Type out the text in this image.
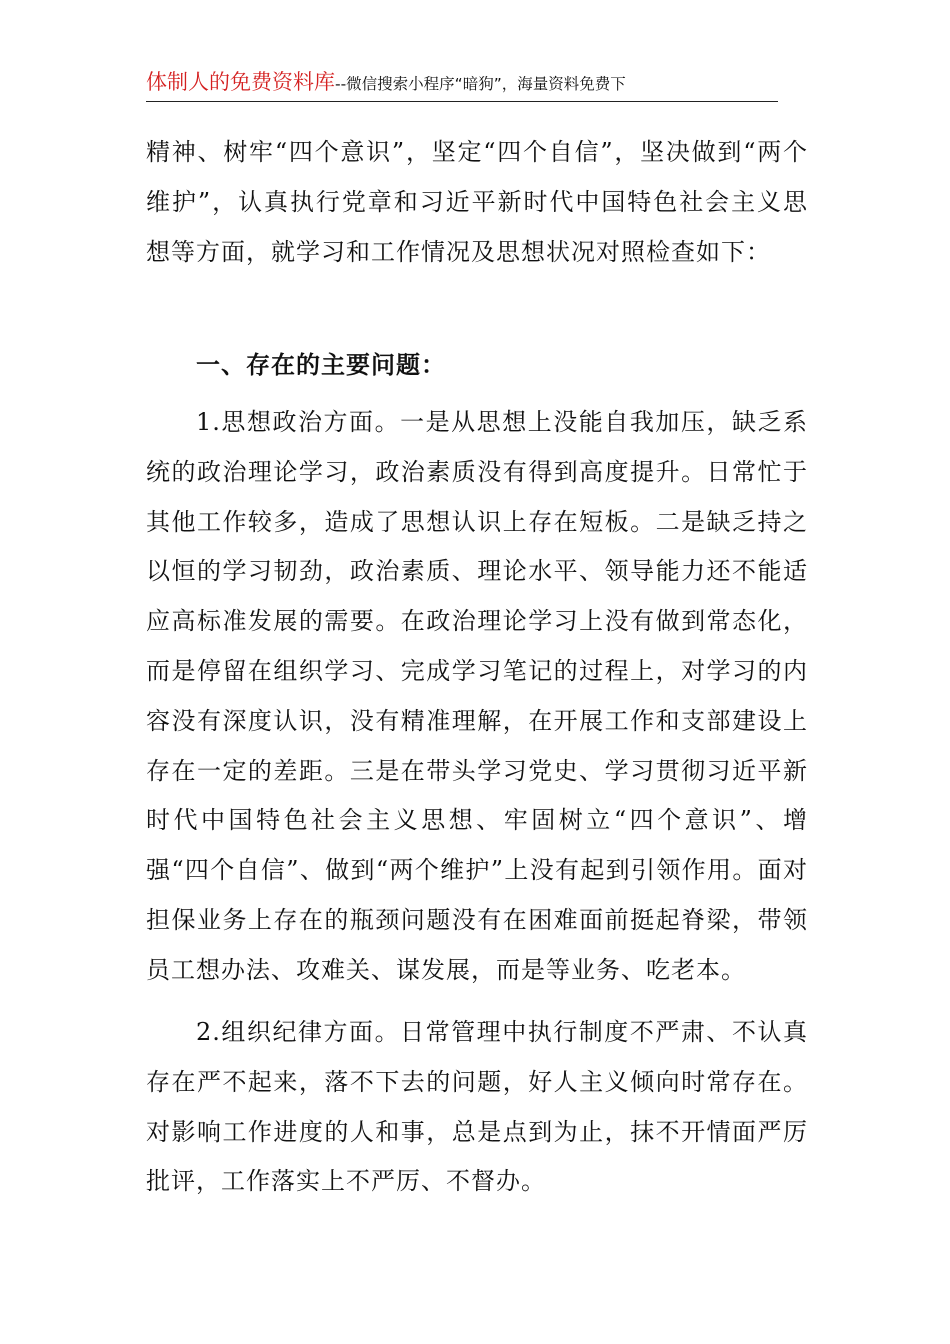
体制人的免费资料库--微信搜索小程序“暗狗”，海量资料免费下

精神、树牢“四个意识”，坚定“四个自信”，坚决做到“两个维护”，认真执行党章和习近平新时代中国特色社会主义思想等方面，就学习和工作情况及思想状况对照检查如下：

一、存在的主要问题：

1.思想政治方面。一是从思想上没能自我加压，缺乏系统的政治理论学习，政治素质没有得到高度提升。日常忙于其他工作较多，造成了思想认识上存在短板。二是缺乏持之以恒的学习韧劲，政治素质、理论水平、领导能力还不能适应高标准发展的需要。在政治理论学习上没有做到常态化，而是停留在组织学习、完成学习笔记的过程上，对学习的内容没有深度认识，没有精准理解，在开展工作和支部建设上存在一定的差距。三是在带头学习党史、学习贯彻习近平新时代中国特色社会主义思想、牢固树立“四个意识”、增强“四个自信”、做到“两个维护”上没有起到引领作用。面对担保业务上存在的瓶颈问题没有在困难面前挺起脊梁，带领员工想办法、攻难关、谋发展，而是等业务、吃老本。

2.组织纪律方面。日常管理中执行制度不严肃、不认真存在严不起来，落不下去的问题，好人主义倾向时常存在。对影响工作进度的人和事，总是点到为止，抹不开情面严厉批评，工作落实上不严厉、不督办。
